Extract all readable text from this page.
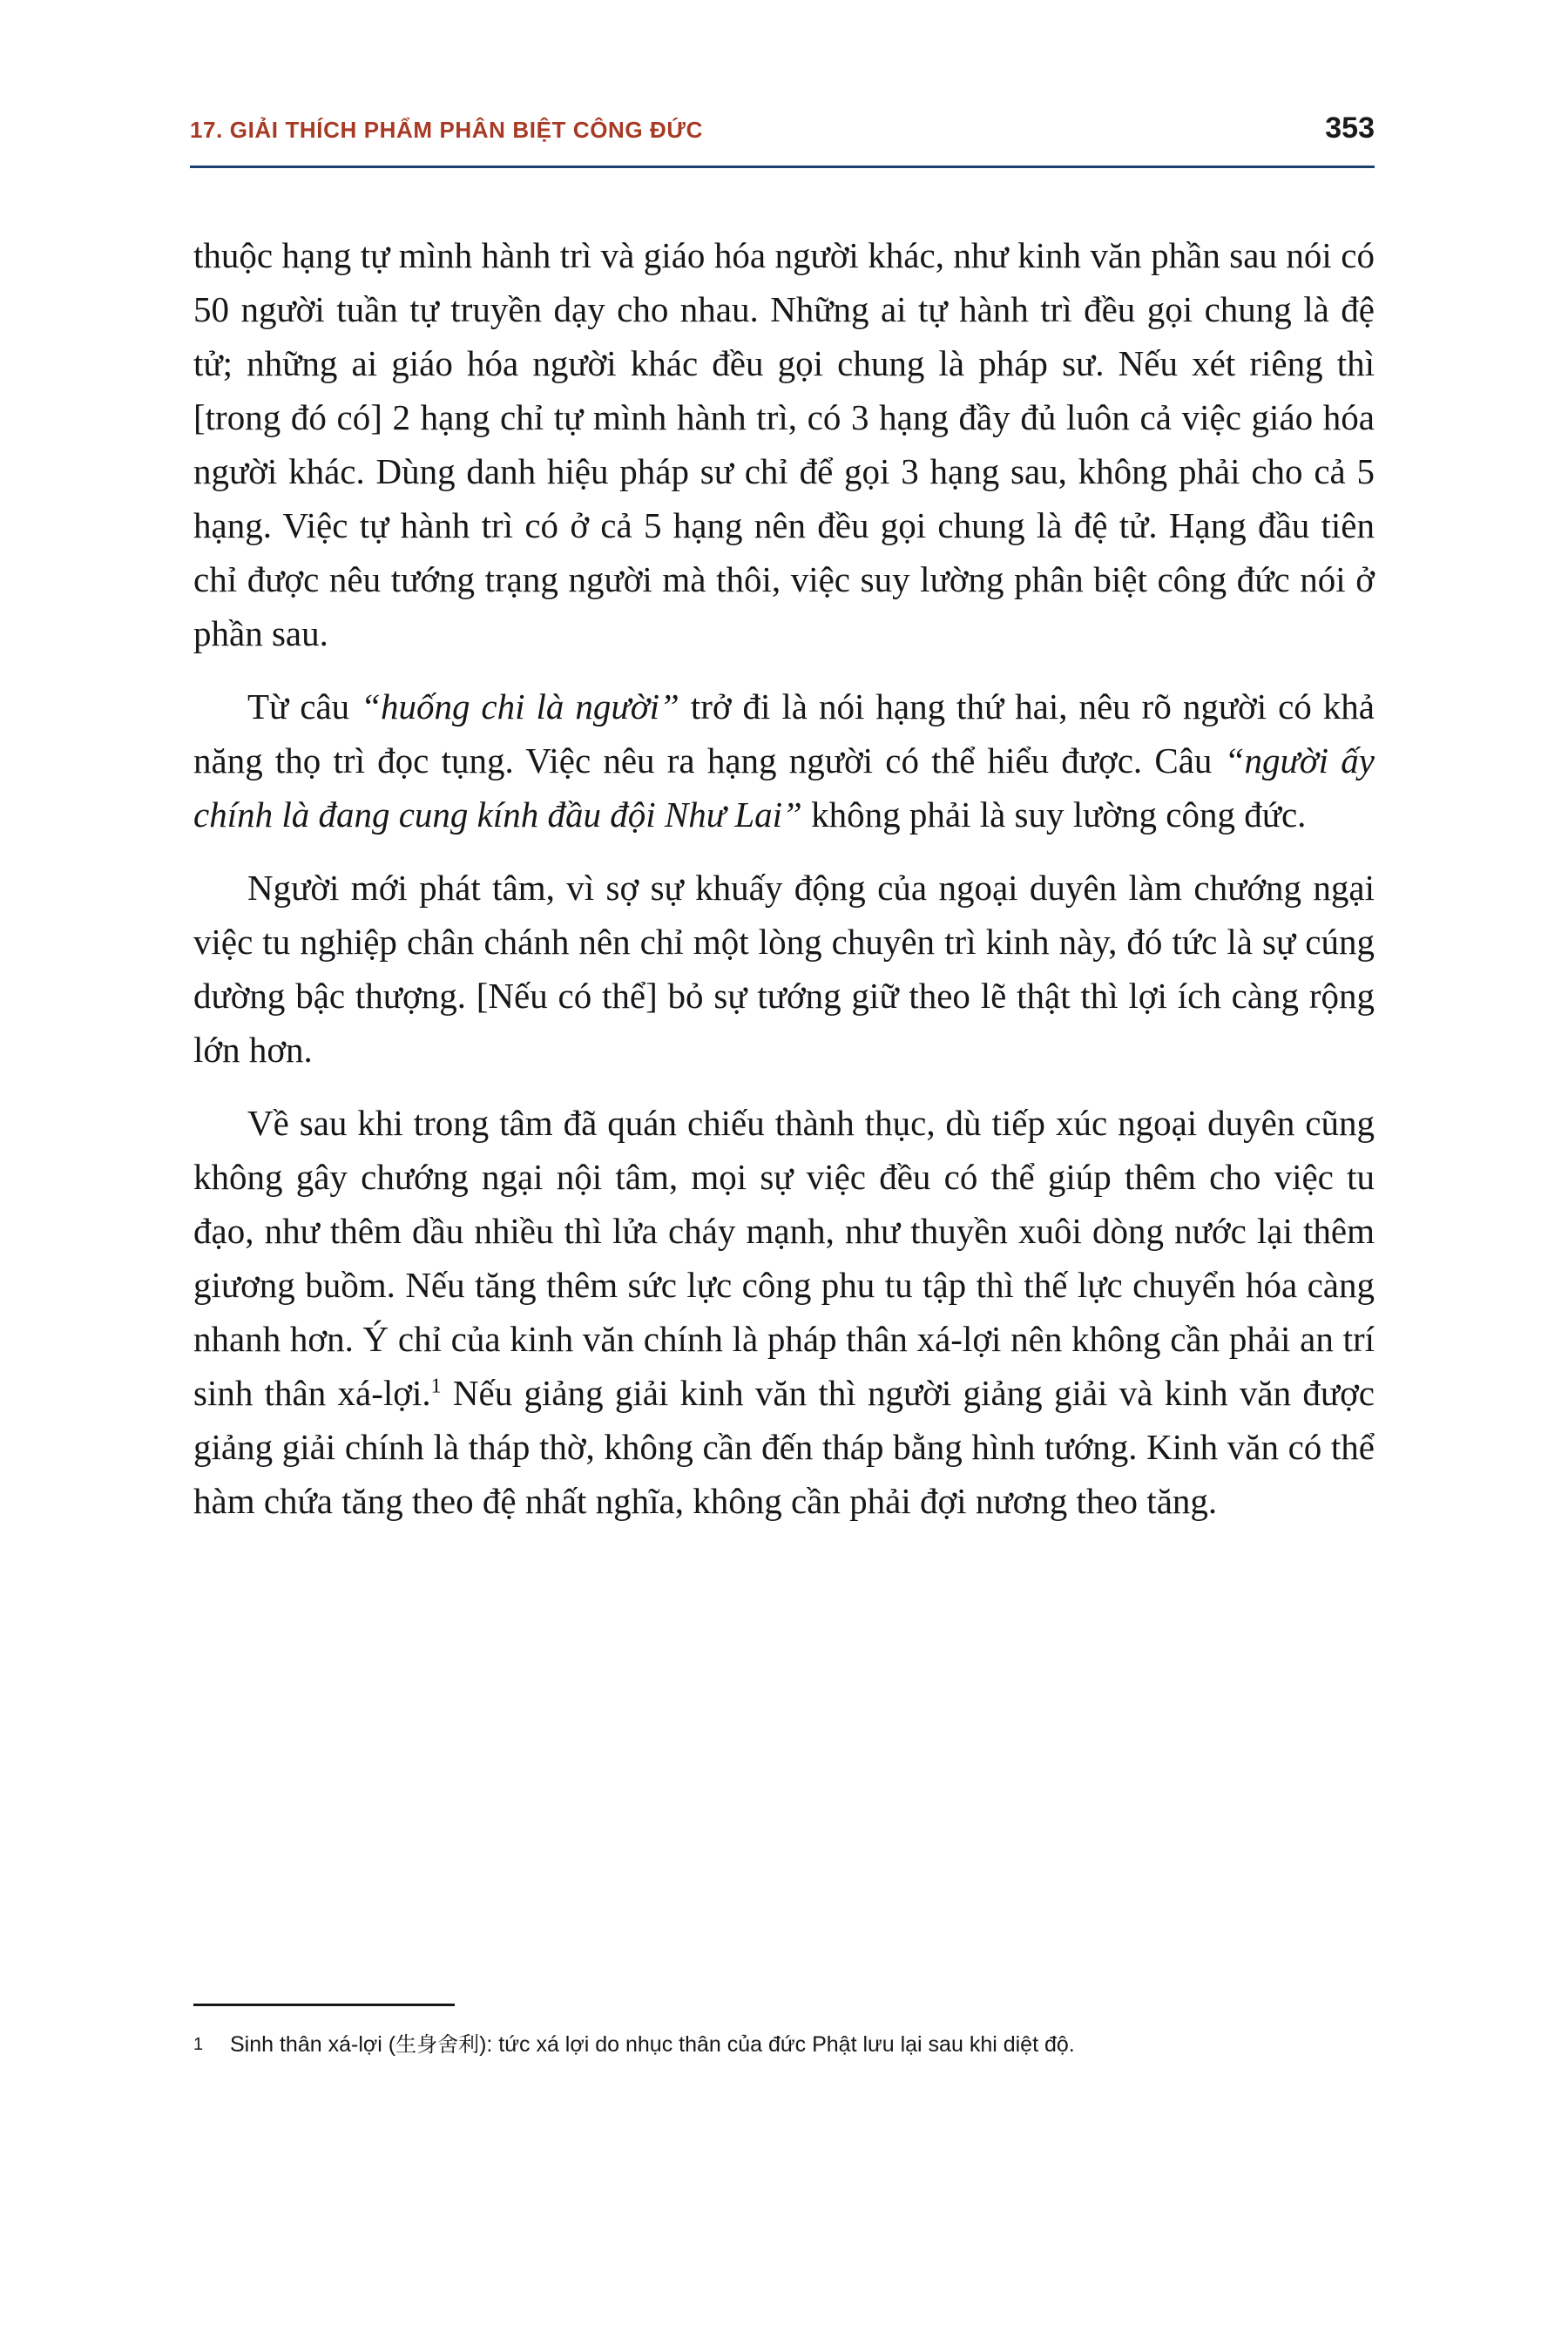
17. GIẢI THÍCH PHẨM PHÂN BIỆT CÔNG ĐỨC	353

thuộc hạng tự mình hành trì và giáo hóa người khác, như kinh văn phần sau nói có 50 người tuần tự truyền dạy cho nhau. Những ai tự hành trì đều gọi chung là đệ tử; những ai giáo hóa người khác đều gọi chung là pháp sư. Nếu xét riêng thì [trong đó có] 2 hạng chỉ tự mình hành trì, có 3 hạng đầy đủ luôn cả việc giáo hóa người khác. Dùng danh hiệu pháp sư chỉ để gọi 3 hạng sau, không phải cho cả 5 hạng. Việc tự hành trì có ở cả 5 hạng nên đều gọi chung là đệ tử. Hạng đầu tiên chỉ được nêu tướng trạng người mà thôi, việc suy lường phân biệt công đức nói ở phần sau.

Từ câu “huống chi là người” trở đi là nói hạng thứ hai, nêu rõ người có khả năng thọ trì đọc tụng. Việc nêu ra hạng người có thể hiểu được. Câu “người ấy chính là đang cung kính đầu đội Như Lai” không phải là suy lường công đức.

Người mới phát tâm, vì sợ sự khuấy động của ngoại duyên làm chướng ngại việc tu nghiệp chân chánh nên chỉ một lòng chuyên trì kinh này, đó tức là sự cúng dường bậc thượng. [Nếu có thể] bỏ sự tướng giữ theo lẽ thật thì lợi ích càng rộng lớn hơn.

Về sau khi trong tâm đã quán chiếu thành thục, dù tiếp xúc ngoại duyên cũng không gây chướng ngại nội tâm, mọi sự việc đều có thể giúp thêm cho việc tu đạo, như thêm dầu nhiều thì lửa cháy mạnh, như thuyền xuôi dòng nước lại thêm giương buồm. Nếu tăng thêm sức lực công phu tu tập thì thế lực chuyển hóa càng nhanh hơn. Ý chỉ của kinh văn chính là pháp thân xá-lợi nên không cần phải an trí sinh thân xá-lợi.$^1$ Nếu giảng giải kinh văn thì người giảng giải và kinh văn được giảng giải chính là tháp thờ, không cần đến tháp bằng hình tướng. Kinh văn có thể hàm chứa tăng theo đệ nhất nghĩa, không cần phải đợi nương theo tăng.

1	Sinh thân xá-lợi (生身舍利): tức xá lợi do nhục thân của đức Phật lưu lại sau khi diệt độ.
